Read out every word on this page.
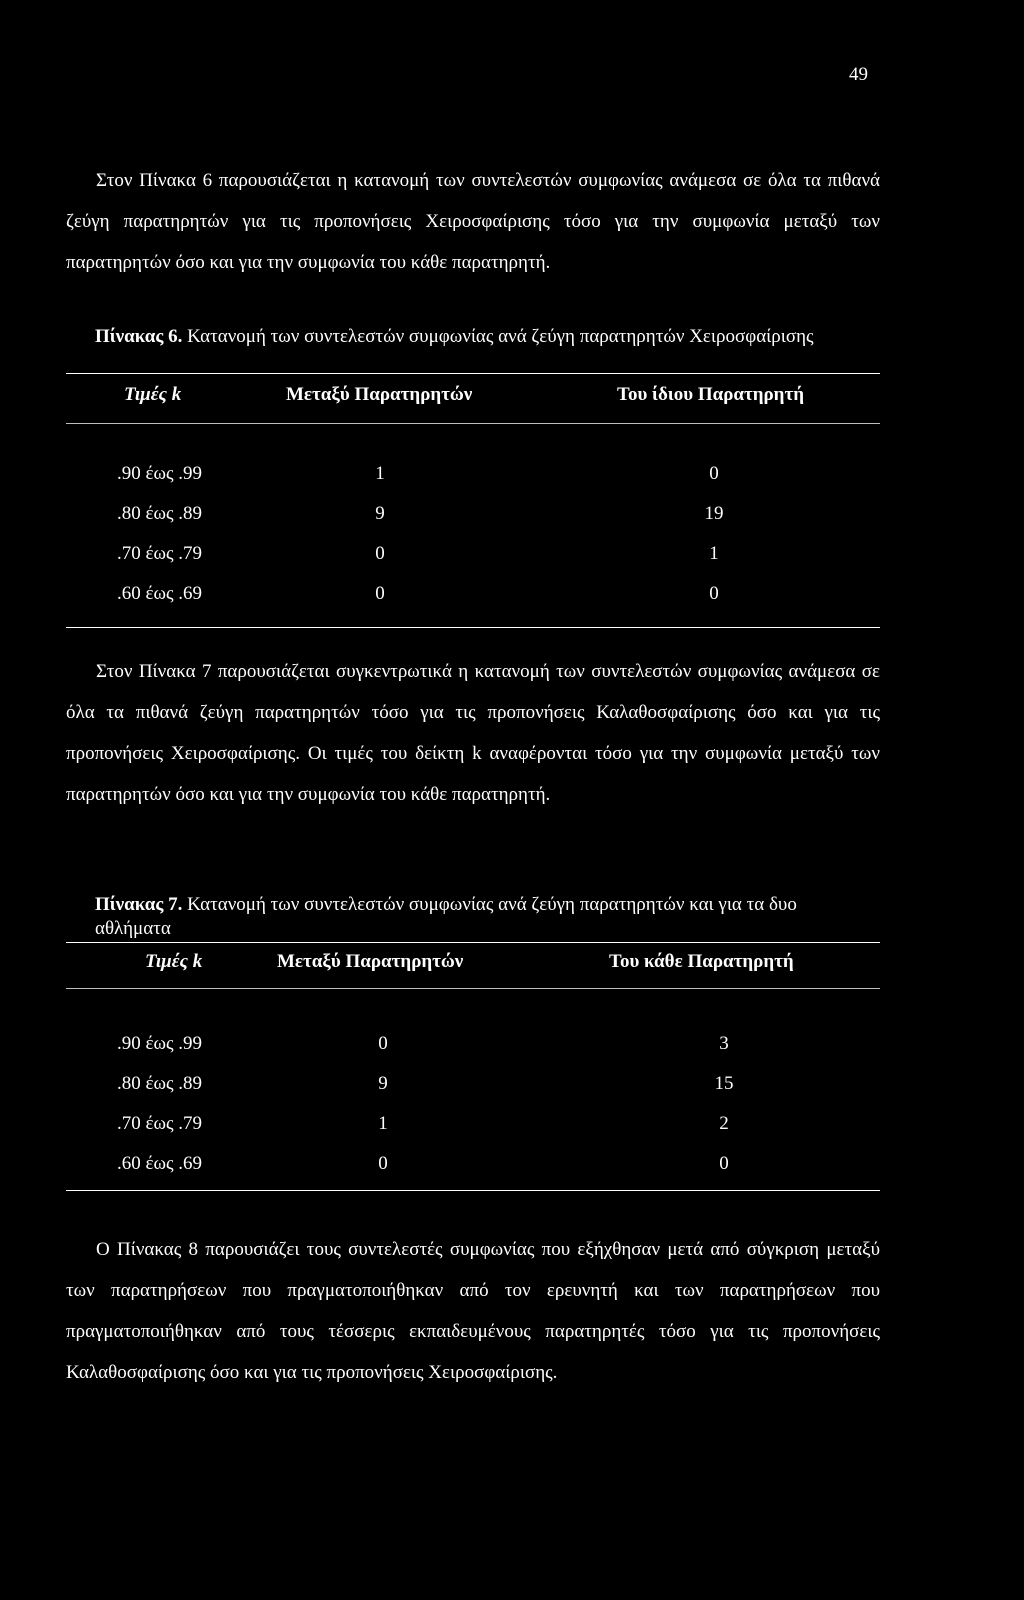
49

Στον Πίνακα 6 παρουσιάζεται η κατανομή των συντελεστών συμφωνίας ανάμεσα σε όλα τα πιθανά ζεύγη παρατηρητών για τις προπονήσεις Χειροσφαίρισης τόσο για την συμφωνία μεταξύ των παρατηρητών όσο και για την συμφωνία του κάθε παρατηρητή.

Πίνακας 6. Κατανομή των συντελεστών συμφωνίας ανά ζεύγη παρατηρητών Χειροσφαίρισης

Τιμές k	Μεταξύ Παρατηρητών	Του ίδιου Παρατηρητή
.90 έως .99	1	0
.80 έως .89	9	19
.70 έως .79	0	1
.60 έως .69	0	0

Στον Πίνακα 7 παρουσιάζεται συγκεντρωτικά η κατανομή των συντελεστών συμφωνίας ανάμεσα σε όλα τα πιθανά ζεύγη παρατηρητών τόσο για τις προπονήσεις Καλαθοσφαίρισης όσο και για τις προπονήσεις Χειροσφαίρισης. Οι τιμές του δείκτη k αναφέρονται τόσο για την συμφωνία μεταξύ των παρατηρητών όσο και για την συμφωνία του κάθε παρατηρητή.

Πίνακας 7. Κατανομή των συντελεστών συμφωνίας ανά ζεύγη παρατηρητών και για τα δυο αθλήματα

Τιμές k	Μεταξύ Παρατηρητών	Του κάθε Παρατηρητή
.90 έως .99	0	3
.80 έως .89	9	15
.70 έως .79	1	2
.60 έως .69	0	0

Ο Πίνακας 8 παρουσιάζει τους συντελεστές συμφωνίας που εξήχθησαν μετά από σύγκριση μεταξύ των παρατηρήσεων που πραγματοποιήθηκαν από τον ερευνητή και των παρατηρήσεων που πραγματοποιήθηκαν από τους τέσσερις εκπαιδευμένους παρατηρητές τόσο για τις προπονήσεις Καλαθοσφαίρισης όσο και για τις προπονήσεις Χειροσφαίρισης.
